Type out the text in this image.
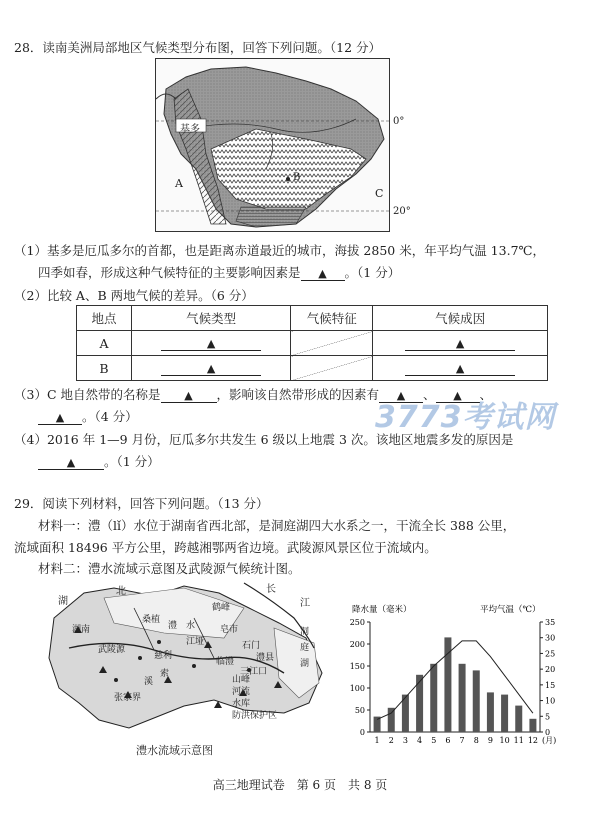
28．读南美洲局部地区气候类型分布图，回答下列问题。（12 分）
基多
A	B
C
0°
20°
（1）基多是厄瓜多尔的首都，也是距离赤道最近的城市，海拔 2850 米，年平均气温 13.7℃，
四季如春，形成这种气候特征的主要影响因素是 ▲ 。（1 分）
（2）比较 A、B 两地气候的差异。（6 分）
地点	气候类型	气候特征	气候成因
A	▲		▲
B	▲		▲
（3）C 地自然带的名称是 ▲ ，影响该自然带形成的因素有 ▲ 、 ▲ 、
▲ 。（4 分）	3773考试网
（4）2016 年 1—9 月份，厄瓜多尔共发生 6 级以上地震 3 次。该地区地震多发的原因是
▲ 。（1 分）
29．阅读下列材料，回答下列问题。（13 分）
材料一：澧（lǐ）水位于湖南省西北部，是洞庭湖四大水系之一，干流全长 388 公里，
流域面积 18496 平方公里，跨越湘鄂两省边境。武陵源风景区位于流域内。
材料二：澧水流域示意图及武陵源气候统计图。
湖
北	长
江
桑植
澧 水
鹤峰
石门
武陵源
张家界
慈利
江垭
皂市
临澧 澧县
三江口
湖南	洞
庭
湖
索
溪	山峰
河流
水库
防洪保护区
澧水流域示意图
降水量（毫米）	平均气温（℃）
0
50
100
150
200
250
0
5
10
15
20
25
30
35
1 2 3 4 5 6 7 8 9 10 11 12 (月)
高三地理试卷　第 6 页　共 8 页
